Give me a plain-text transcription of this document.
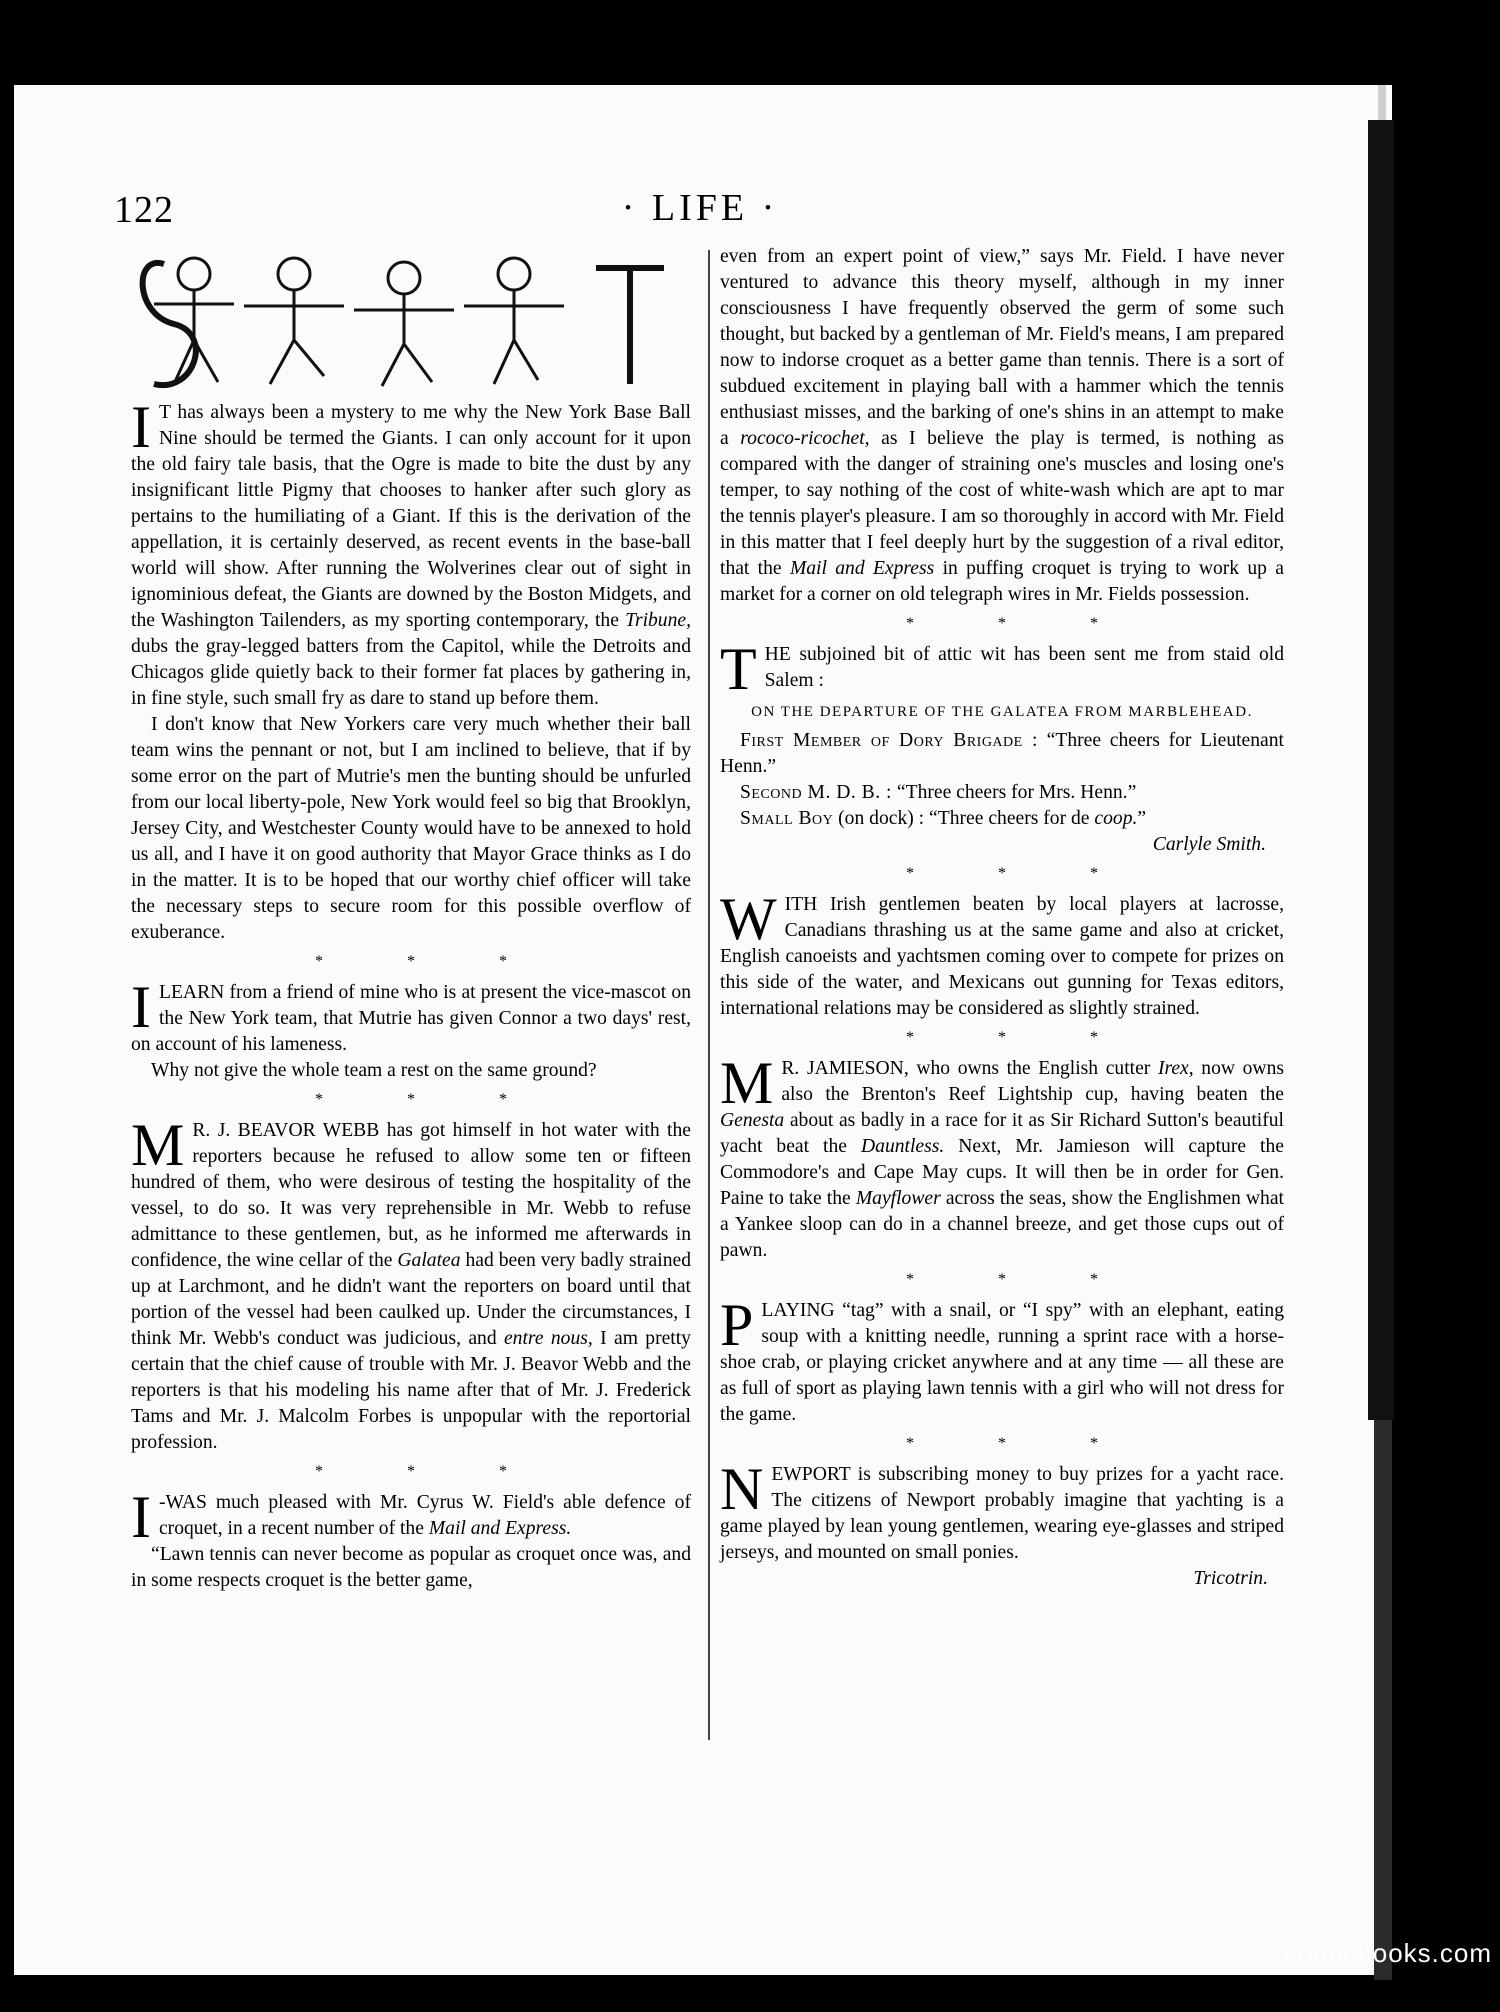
122	· LIFE ·

I T has always been a mystery to me why the New York Base Ball Nine should be termed the Giants. I can only account for it upon the old fairy tale basis, that the Ogre is made to bite the dust by any insignificant little Pigmy that chooses to hanker after such glory as pertains to the humiliating of a Giant. If this is the derivation of the appellation, it is certainly deserved, as recent events in the base-ball world will show. After running the Wolverines clear out of sight in ignominious defeat, the Giants are downed by the Boston Midgets, and the Washington Tailenders, as my sporting contemporary, the Tribune, dubs the gray-legged batters from the Capitol, while the Detroits and Chicagos glide quietly back to their former fat places by gathering in, in fine style, such small fry as dare to stand up before them.

I don't know that New Yorkers care very much whether their ball team wins the pennant or not, but I am inclined to believe, that if by some error on the part of Mutrie's men the bunting should be unfurled from our local liberty-pole, New York would feel so big that Brooklyn, Jersey City, and Westchester County would have to be annexed to hold us all, and I have it on good authority that Mayor Grace thinks as I do in the matter. It is to be hoped that our worthy chief officer will take the necessary steps to secure room for this possible overflow of exuberance.

* * *

ILEARN from a friend of mine who is at present the vice-mascot on the New York team, that Mutrie has given Connor a two days' rest, on account of his lameness.

Why not give the whole team a rest on the same ground?

* * *

M R. J. BEAVOR WEBB has got himself in hot water with the reporters because he refused to allow some ten or fifteen hundred of them, who were desirous of testing the hospitality of the vessel, to do so. It was very reprehensible in Mr. Webb to refuse admittance to these gentlemen, but, as he informed me afterwards in confidence, the wine cellar of the Galatea had been very badly strained up at Larchmont, and he didn't want the reporters on board until that portion of the vessel had been caulked up. Under the circumstances, I think Mr. Webb's conduct was judicious, and entre nous, I am pretty certain that the chief cause of trouble with Mr. J. Beavor Webb and the reporters is that his modeling his name after that of Mr. J. Frederick Tams and Mr. J. Malcolm Forbes is unpopular with the reportorial profession.

* * *

I -WAS much pleased with Mr. Cyrus W. Field's able defence of croquet, in a recent number of the Mail and Express.

“Lawn tennis can never become as popular as croquet once was, and in some respects croquet is the better game,

even from an expert point of view,” says Mr. Field. I have never ventured to advance this theory myself, although in my inner consciousness I have frequently observed the germ of some such thought, but backed by a gentleman of Mr. Field's means, I am prepared now to indorse croquet as a better game than tennis. There is a sort of subdued excitement in playing ball with a hammer which the tennis enthusiast misses, and the barking of one's shins in an attempt to make a rococo-ricochet, as I believe the play is termed, is nothing as compared with the danger of straining one's muscles and losing one's temper, to say nothing of the cost of white-wash which are apt to mar the tennis player's pleasure. I am so thoroughly in accord with Mr. Field in this matter that I feel deeply hurt by the suggestion of a rival editor, that the Mail and Express in puffing croquet is trying to work up a market for a corner on old telegraph wires in Mr. Fields possession.

* * *

THE subjoined bit of attic wit has been sent me from staid old Salem :

ON THE DEPARTURE OF THE GALATEA FROM MARBLEHEAD.

First Member of Dory Brigade : “Three cheers for Lieutenant Henn.”

Second M. D. B. : “Three cheers for Mrs. Henn.”

Small Boy (on dock) : “Three cheers for de coop.”

Carlyle Smith.
* * *

WITH Irish gentlemen beaten by local players at lacrosse, Canadians thrashing us at the same game and also at cricket, English canoeists and yachtsmen coming over to compete for prizes on this side of the water, and Mexicans out gunning for Texas editors, international relations may be considered as slightly strained.

* * *

M R. JAMIESON, who owns the English cutter Irex, now owns also the Brenton's Reef Lightship cup, having beaten the Genesta about as badly in a race for it as Sir Richard Sutton's beautiful yacht beat the Dauntless. Next, Mr. Jamieson will capture the Commodore's and Cape May cups. It will then be in order for Gen. Paine to take the Mayflower across the seas, show the Englishmen what a Yankee sloop can do in a channel breeze, and get those cups out of pawn.

* * *

PLAYING “tag” with a snail, or “I spy” with an elephant, eating soup with a knitting needle, running a sprint race with a horse-shoe crab, or playing cricket anywhere and at any time — all these are as full of sport as playing lawn tennis with a girl who will not dress for the game.

* * *

NEWPORT is subscribing money to buy prizes for a yacht race. The citizens of Newport probably imagine that yachting is a game played by lean young gentlemen, wearing eye-glasses and striped jerseys, and mounted on small ponies.

Tricotrin.
comicbooks.com
